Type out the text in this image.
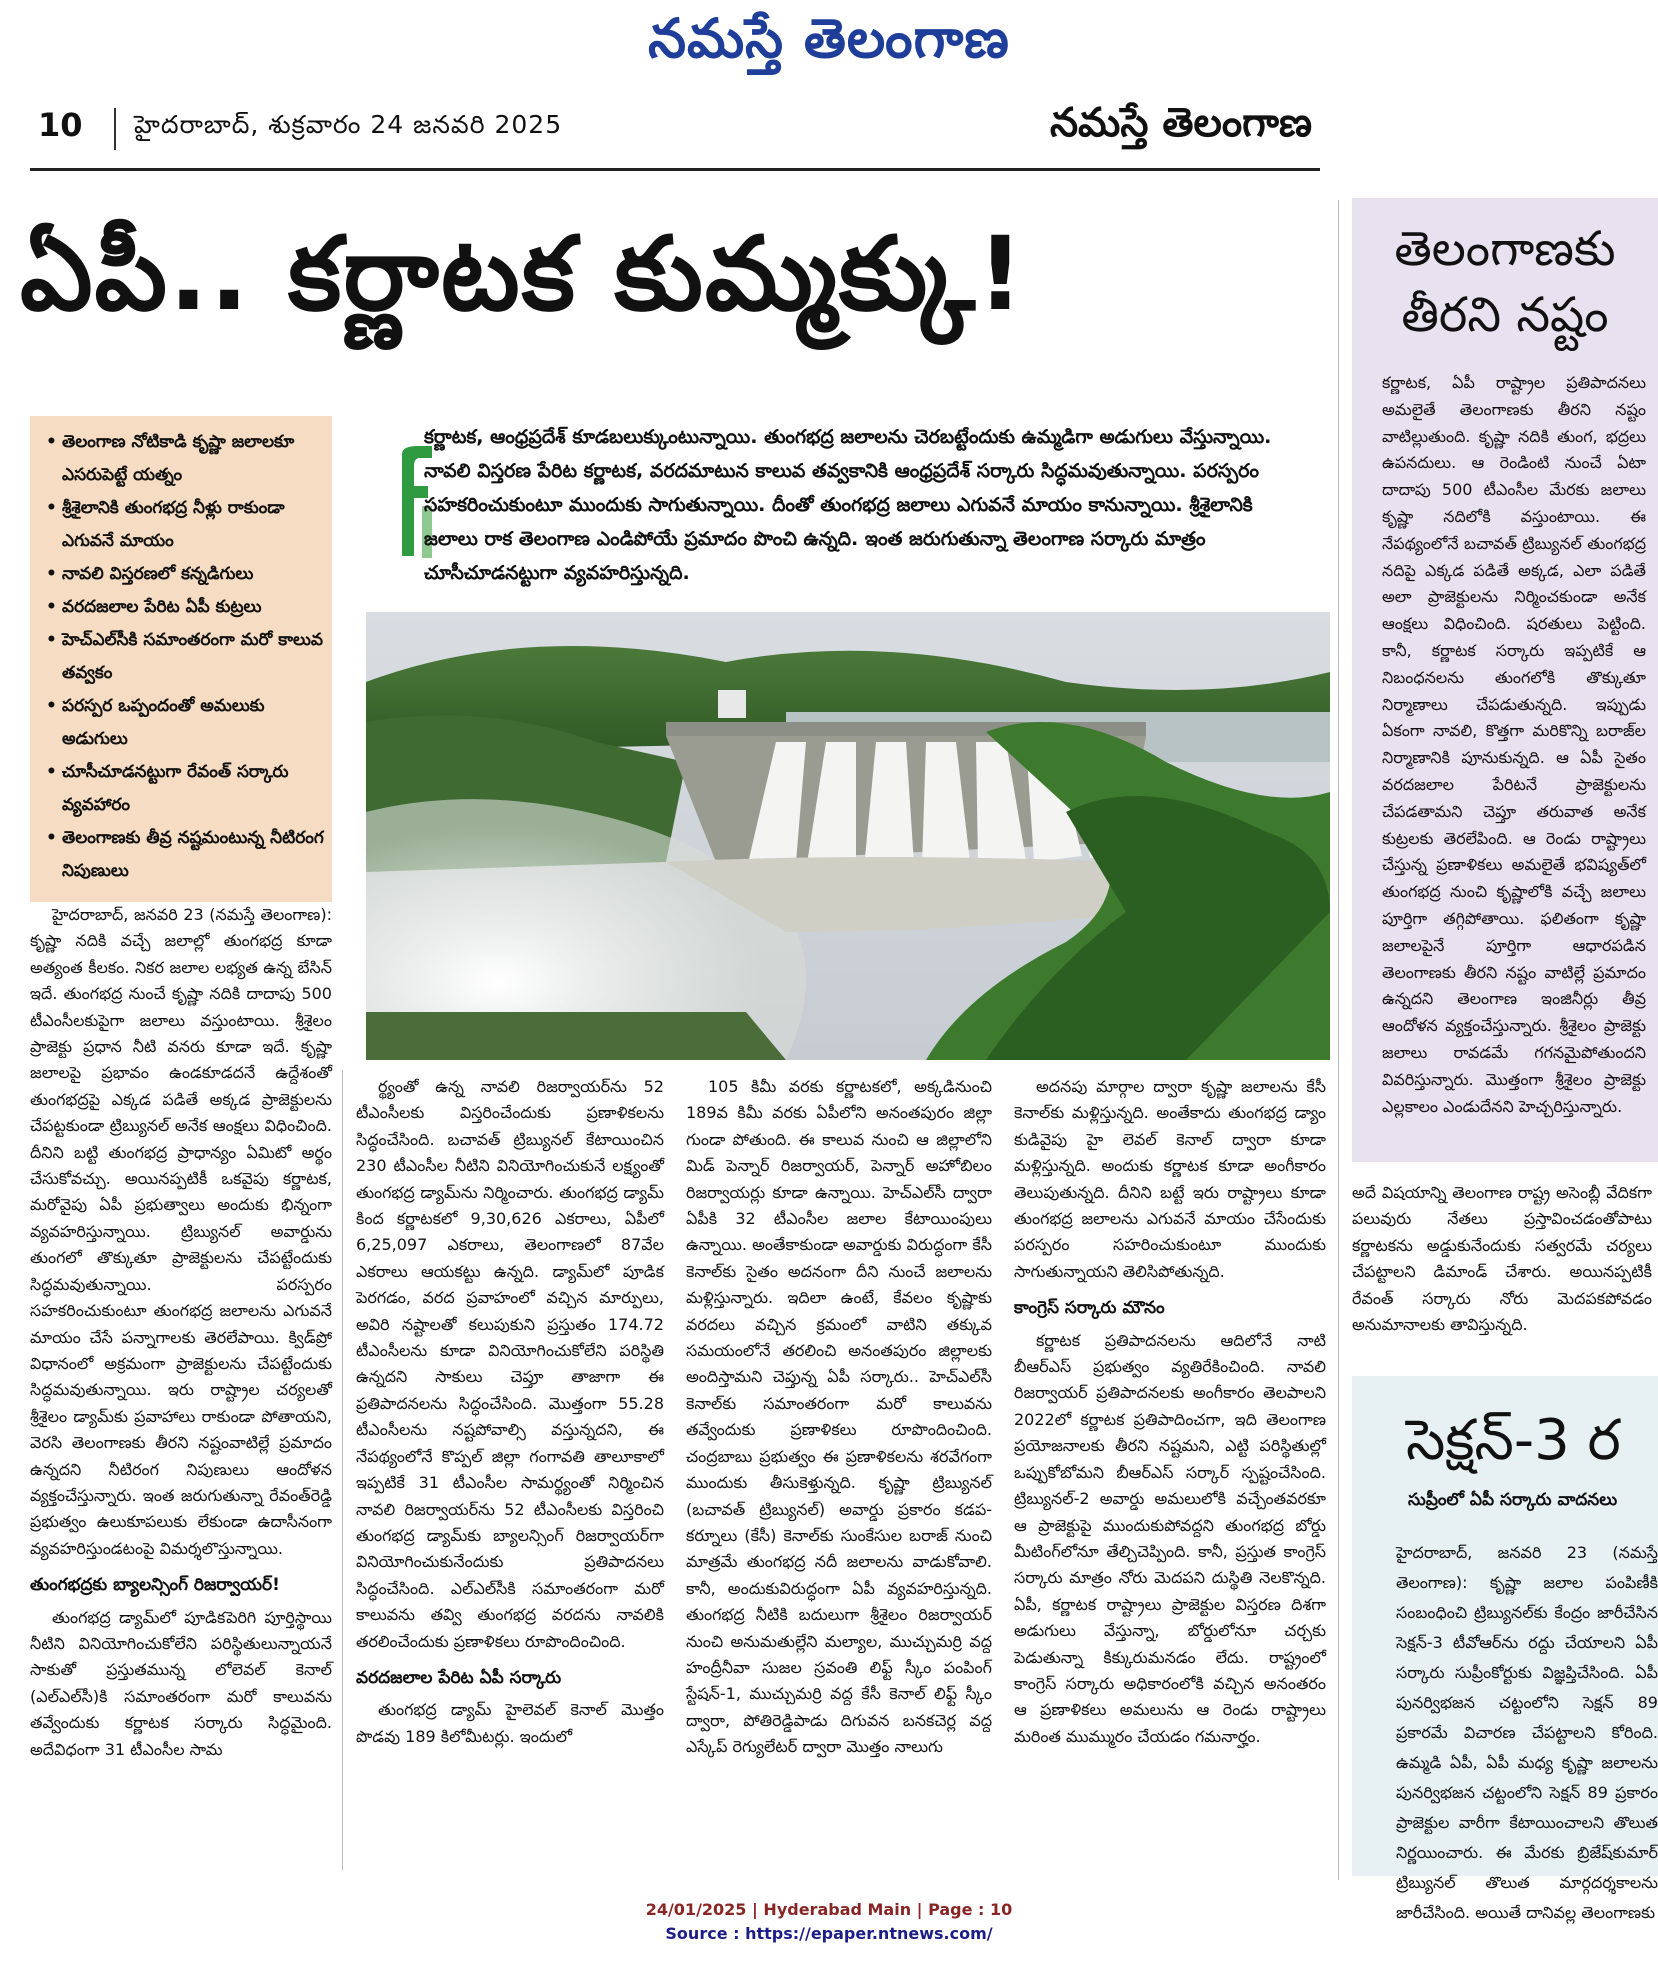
నమస్తే తెలంగాణ
10 హైదరాబాద్, శుక్రవారం 24 జనవరి 2025	నమస్తే తెలంగాణ
ఏపీ.. కర్ణాటక కుమ్మక్కు!
• తెలంగాణ నోటికాడి కృష్ణా జలాలకూ ఎసరుపెట్టే యత్నం
• శ్రీశైలానికి తుంగభద్ర నీళ్లు రాకుండా ఎగువనే మాయం
• నావలి విస్తరణలో కన్నడిగులు
• వరదజలాల పేరిట ఏపీ కుట్రలు
• హెచ్‌ఎల్‌సీకి సమాంతరంగా మరో కాలువ తవ్వకం
• పరస్పర ఒప్పందంతో అమలుకు అడుగులు
• చూసీచూడనట్టుగా రేవంత్ సర్కారు వ్యవహారం
• తెలంగాణకు తీవ్ర నష్టమంటున్న నీటిరంగ నిపుణులు
కర్ణాటక, ఆంధ్రప్రదేశ్ కూడబలుక్కుంటున్నాయి. తుంగభద్ర జలాలను చెరబట్టేందుకు ఉమ్మడిగా అడుగులు వేస్తున్నాయి. నావలి విస్తరణ పేరిట కర్ణాటక, వరదమాటున కాలువ తవ్వకానికి ఆంధ్రప్రదేశ్ సర్కారు సిద్ధమవుతున్నాయి. పరస్పరం సహకరించుకుంటూ ముందుకు సాగుతున్నాయి. దీంతో తుంగభద్ర జలాలు ఎగువనే మాయం కానున్నాయి. శ్రీశైలానికి జలాలు రాక తెలంగాణ ఎండిపోయే ప్రమాదం పొంచి ఉన్నది. ఇంత జరుగుతున్నా తెలంగాణ సర్కారు మాత్రం చూసీచూడనట్టుగా వ్యవహరిస్తున్నది.

హైదరాబాద్, జనవరి 23 (నమస్తే తెలంగాణ): కృష్ణా నదికి వచ్చే జలాల్లో తుంగభద్ర కూడా అత్యంత కీలకం. నికర జలాల లభ్యత ఉన్న బేసిన్ ఇదే. తుంగభద్ర నుంచే కృష్ణా నదికి దాదాపు 500 టీఎంసీలకుపైగా జలాలు వస్తుంటాయి. శ్రీశైలం ప్రాజెక్టు ప్రధాన నీటి వనరు కూడా ఇదే. కృష్ణా జలాలపై ప్రభావం ఉండకూడదనే ఉద్దేశంతో తుంగభద్రపై ఎక్కడ పడితే అక్కడ ప్రాజెక్టులను చేపట్టకుండా ట్రిబ్యునల్ అనేక ఆంక్షలు విధించింది. దీనిని బట్టి తుంగభద్ర ప్రాధాన్యం ఏమిటో అర్థం చేసుకోవచ్చు. అయినప్పటికీ ఒకవైపు కర్ణాటక, మరోవైపు ఏపీ ప్రభుత్వాలు అందుకు భిన్నంగా వ్యవహరిస్తున్నాయి. ట్రిబ్యునల్ అవార్డును తుంగలో తొక్కుతూ ప్రాజెక్టులను చేపట్టేందుకు సిద్ధమవుతున్నాయి. పరస్పరం సహకరించుకుంటూ తుంగభద్ర జలాలను ఎగువనే మాయం చేసే పన్నాగాలకు తెరలేపాయి. క్విడ్‌ప్రో విధానంలో అక్రమంగా ప్రాజెక్టులను చేపట్టేందుకు సిద్ధమవుతున్నాయి. ఇరు రాష్ట్రాల చర్యలతో శ్రీశైలం డ్యామ్‌కు ప్రవాహాలు రాకుండా పోతాయని, వెరసి తెలంగాణకు తీరని నష్టంవాటిల్లే ప్రమాదం ఉన్నదని నీటిరంగ నిపుణులు ఆందోళన వ్యక్తంచేస్తున్నారు. ఇంత జరుగుతున్నా రేవంత్‌రెడ్డి ప్రభుత్వం ఉలుకూపలుకు లేకుండా ఉదాసీనంగా వ్యవహరిస్తుండటంపై విమర్శలొస్తున్నాయి.

తుంగభద్రకు బ్యాలన్సింగ్ రిజర్వాయర్!

తుంగభద్ర డ్యామ్‌లో పూడికపెరిగి పూర్తిస్థాయి నీటిని వినియోగించుకోలేని పరిస్థితులున్నాయనే సాకుతో ప్రస్తుతమున్న లోలెవల్ కెనాల్ (ఎల్‌ఎల్‌సీ)కి సమాంతరంగా మరో కాలువను తవ్వేందుకు కర్ణాటక సర్కారు సిద్ధమైంది. అదేవిధంగా 31 టీఎంసీల సామ

ర్థ్యంతో ఉన్న నావలి రిజర్వాయర్‌ను 52 టీఎంసీలకు విస్తరించేందుకు ప్రణాళికలను సిద్ధంచేసింది. బచావత్ ట్రిబ్యునల్ కేటాయించిన 230 టీఎంసీల నీటిని వినియోగించుకునే లక్ష్యంతో తుంగభద్ర డ్యామ్‌ను నిర్మించారు. తుంగభద్ర డ్యామ్ కింద కర్ణాటకలో 9,30,626 ఎకరాలు, ఏపీలో 6,25,097 ఎకరాలు, తెలంగాణలో 87వేల ఎకరాలు ఆయకట్టు ఉన్నది. డ్యామ్‌లో పూడిక పెరగడం, వరద ప్రవాహంలో వచ్చిన మార్పులు, అవిరి నష్టాలతో కలుపుకుని ప్రస్తుతం 174.72 టీఎంసీలను కూడా వినియోగించుకోలేని పరిస్థితి ఉన్నదని సాకులు చెప్తూ తాజాగా ఈ ప్రతిపాదనలను సిద్ధంచేసింది. మొత్తంగా 55.28 టీఎంసీలను నష్టపోవాల్సి వస్తున్నదని, ఈ నేపథ్యంలోనే కొప్పల్ జిల్లా గంగావతి తాలూకాలో ఇప్పటికే 31 టీఎంసీల సామర్థ్యంతో నిర్మించిన నావలి రిజర్వాయర్‌ను 52 టీఎంసీలకు విస్తరించి తుంగభద్ర డ్యామ్‌కు బ్యాలన్సింగ్ రిజర్వాయర్‌గా వినియోగించుకునేందుకు ప్రతిపాదనలు సిద్ధంచేసింది. ఎల్‌ఎల్‌సీకి సమాంతరంగా మరో కాలువను తవ్వి తుంగభద్ర వరదను నావలికి తరలించేందుకు ప్రణాళికలు రూపొందించింది.

వరదజలాల పేరిట ఏపీ సర్కారు

తుంగభద్ర డ్యామ్ హైలెవల్ కెనాల్ మొత్తం పొడవు 189 కిలోమీటర్లు. ఇందులో

105 కిమీ వరకు కర్ణాటకలో, అక్కడినుంచి 189వ కిమీ వరకు ఏపీలోని అనంతపురం జిల్లా గుండా పోతుంది. ఈ కాలువ నుంచి ఆ జిల్లాలోని మిడ్ పెన్నార్ రిజర్వాయర్, పెన్నార్ అహోబిలం రిజర్వాయర్లు కూడా ఉన్నాయి. హెచ్‌ఎల్‌సీ ద్వారా ఏపీకి 32 టీఎంసీల జలాల కేటాయింపులు ఉన్నాయి. అంతేకాకుండా అవార్డుకు విరుద్ధంగా కేసీ కెనాల్‌కు సైతం అదనంగా దీని నుంచే జలాలను మళ్లిస్తున్నారు. ఇదిలా ఉంటే, కేవలం కృష్ణాకు వరదలు వచ్చిన క్రమంలో వాటిని తక్కువ సమయంలోనే తరలించి అనంతపురం జిల్లాలకు అందిస్తామని చెప్తున్న ఏపీ సర్కారు.. హెచ్‌ఎల్‌సీ కెనాల్‌కు సమాంతరంగా మరో కాలువను తవ్వేందుకు ప్రణాళికలు రూపొందించింది. చంద్రబాబు ప్రభుత్వం ఈ ప్రణాళికలను శరవేగంగా ముందుకు తీసుకెళ్తున్నది. కృష్ణా ట్రిబ్యునల్ (బచావత్ ట్రిబ్యునల్) అవార్డు ప్రకారం కడప-కర్నూలు (కేసీ) కెనాల్‌కు సుంకేసుల బరాజ్ నుంచి మాత్రమే తుంగభద్ర నదీ జలాలను వాడుకోవాలి. కానీ, అందుకువిరుద్ధంగా ఏపీ వ్యవహరిస్తున్నది. తుంగభద్ర నీటికి బదులుగా శ్రీశైలం రిజర్వాయర్ నుంచి అనుమతుల్లేని మల్యాల, ముచ్చుమర్రి వద్ద హంద్రీనీవా సుజల స్రవంతి లిఫ్ట్ స్కీం పంపింగ్ స్టేషన్-1, ముచ్చుమర్రి వద్ద కేసీ కెనాల్ లిఫ్ట్ స్కీం ద్వారా, పోతిరెడ్డిపాడు దిగువన బనకచెర్ల వద్ద ఎస్కేప్ రెగ్యులేటర్ ద్వారా మొత్తం నాలుగు

అదనపు మార్గాల ద్వారా కృష్ణా జలాలను కేసీ కెనాల్‌కు మళ్లిస్తున్నది. అంతేకాదు తుంగభద్ర డ్యాం కుడివైపు హై లెవల్ కెనాల్ ద్వారా కూడా మళ్లిస్తున్నది. అందుకు కర్ణాటక కూడా అంగీకారం తెలుపుతున్నది. దీనిని బట్టే ఇరు రాష్ట్రాలు కూడా తుంగభద్ర జలాలను ఎగువనే మాయం చేసేందుకు పరస్పరం సహరించుకుంటూ ముందుకు సాగుతున్నాయని తెలిసిపోతున్నది.

కాంగ్రెస్ సర్కారు మౌనం

కర్ణాటక ప్రతిపాదనలను ఆదిలోనే నాటి బీఆర్‌ఎస్ ప్రభుత్వం వ్యతిరేకించింది. నావలి రిజర్వాయర్ ప్రతిపాదనలకు అంగీకారం తెలపాలని 2022లో కర్ణాటక ప్రతిపాదించగా, ఇది తెలంగాణ ప్రయోజనాలకు తీరని నష్టమని, ఎట్టి పరిస్థితుల్లో ఒప్పుకోబోమని బీఆర్‌ఎస్ సర్కార్ స్పష్టంచేసింది. ట్రిబ్యునల్-2 అవార్డు అమలులోకి వచ్చేంతవరకూ ఆ ప్రాజెక్టుపై ముందుకుపోవద్దని తుంగభద్ర బోర్డు మీటింగ్‌లోనూ తేల్చిచెప్పింది. కానీ, ప్రస్తుత కాంగ్రెస్ సర్కారు మాత్రం నోరు మెదపని దుస్థితి నెలకొన్నది. ఏపీ, కర్ణాటక రాష్ట్రాలు ప్రాజెక్టుల విస్తరణ దిశగా అడుగులు వేస్తున్నా, బోర్డులోనూ చర్చకు పెడుతున్నా కిక్కురుమనడం లేదు. రాష్ట్రంలో కాంగ్రెస్ సర్కారు అధికారంలోకి వచ్చిన అనంతరం ఆ ప్రణాళికలు అమలును ఆ రెండు రాష్ట్రాలు మరింత ముమ్మురం చేయడం గమనార్హం.

తెలంగాణకు
తీరని నష్టం
కర్ణాటక, ఏపీ రాష్ట్రాల ప్రతిపాదనలు అమలైతే తెలంగాణకు తీరని నష్టం వాటిల్లుతుంది. కృష్ణా నదికి తుంగ, భద్రలు ఉపనదులు. ఆ రెండింటి నుంచే ఏటా దాదాపు 500 టీఎంసీల మేరకు జలాలు కృష్ణా నదిలోకి వస్తుంటాయి. ఈ నేపథ్యంలోనే బచావత్ ట్రిబ్యునల్ తుంగభద్ర నదిపై ఎక్కడ పడితే అక్కడ, ఎలా పడితే అలా ప్రాజెక్టులను నిర్మించకుండా అనేక ఆంక్షలు విధించింది. షరతులు పెట్టింది. కానీ, కర్ణాటక సర్కారు ఇప్పటికే ఆ నిబంధనలను తుంగలోకి తొక్కుతూ నిర్మాణాలు చేపడుతున్నది. ఇప్పుడు ఏకంగా నావలి, కొత్తగా మరికొన్ని బరాజ్‌ల నిర్మాణానికి పూనుకున్నది. ఆ ఏపీ సైతం వరదజలాల పేరిటనే ప్రాజెక్టులను చేపడతామని చెప్తూ తరువాత అనేక కుట్రలకు తెరలేపింది. ఆ రెండు రాష్ట్రాలు చేస్తున్న ప్రణాళికలు అమలైతే భవిష్యత్‌లో తుంగభద్ర నుంచి కృష్ణాలోకి వచ్చే జలాలు పూర్తిగా తగ్గిపోతాయి. ఫలితంగా కృష్ణా జలాలపైనే పూర్తిగా ఆధారపడిన తెలంగాణకు తీరని నష్టం వాటిల్లే ప్రమాదం ఉన్నదని తెలంగాణ ఇంజినీర్లు తీవ్ర ఆందోళన వ్యక్తంచేస్తున్నారు. శ్రీశైలం ప్రాజెక్టు జలాలు రావడమే గగనమైపోతుందని వివరిస్తున్నారు. మొత్తంగా శ్రీశైలం ప్రాజెక్టు ఎల్లకాలం ఎండుదేనని హెచ్చరిస్తున్నారు.

అదే విషయాన్ని తెలంగాణ రాష్ట్ర అసెంబ్లీ వేదికగా పలువురు నేతలు ప్రస్తావించడంతోపాటు కర్ణాటకను అడ్డుకునేందుకు సత్వరమే చర్యలు చేపట్టాలని డిమాండ్ చేశారు. అయినప్పటికీ రేవంత్ సర్కారు నోరు మెదపకపోవడం అనుమానాలకు తావిస్తున్నది.

సెక్షన్-3 ర
సుప్రీంలో ఏపీ సర్కారు వాదనలు
హైదరాబాద్, జనవరి 23 (నమస్తే తెలంగాణ): కృష్ణా జలాల పంపిణీకి సంబంధించి ట్రిబ్యునల్‌కు కేంద్రం జారీచేసిన సెక్షన్-3 టీవోఆర్‌ను రద్దు చేయాలని ఏపీ సర్కారు సుప్రీంకోర్టుకు విజ్ఞప్తిచేసింది. ఏపీ పునర్విభజన చట్టంలోని సెక్షన్ 89 ప్రకారమే విచారణ చేపట్టాలని కోరింది. ఉమ్మడి ఏపీ, ఏపీ మధ్య కృష్ణా జలాలను పునర్విభజన చట్టంలోని సెక్షన్ 89 ప్రకారం ప్రాజెక్టుల వారీగా కేటాయించాలని తొలుత నిర్ణయించారు. ఈ మేరకు బ్రిజేష్‌కుమార్ ట్రిబ్యునల్ తొలుత మార్గదర్శకాలను జారీచేసింది. అయితే దానివల్ల తెలంగాణకు
24/01/2025 | Hyderabad Main | Page : 10
Source : https://epaper.ntnews.com/
